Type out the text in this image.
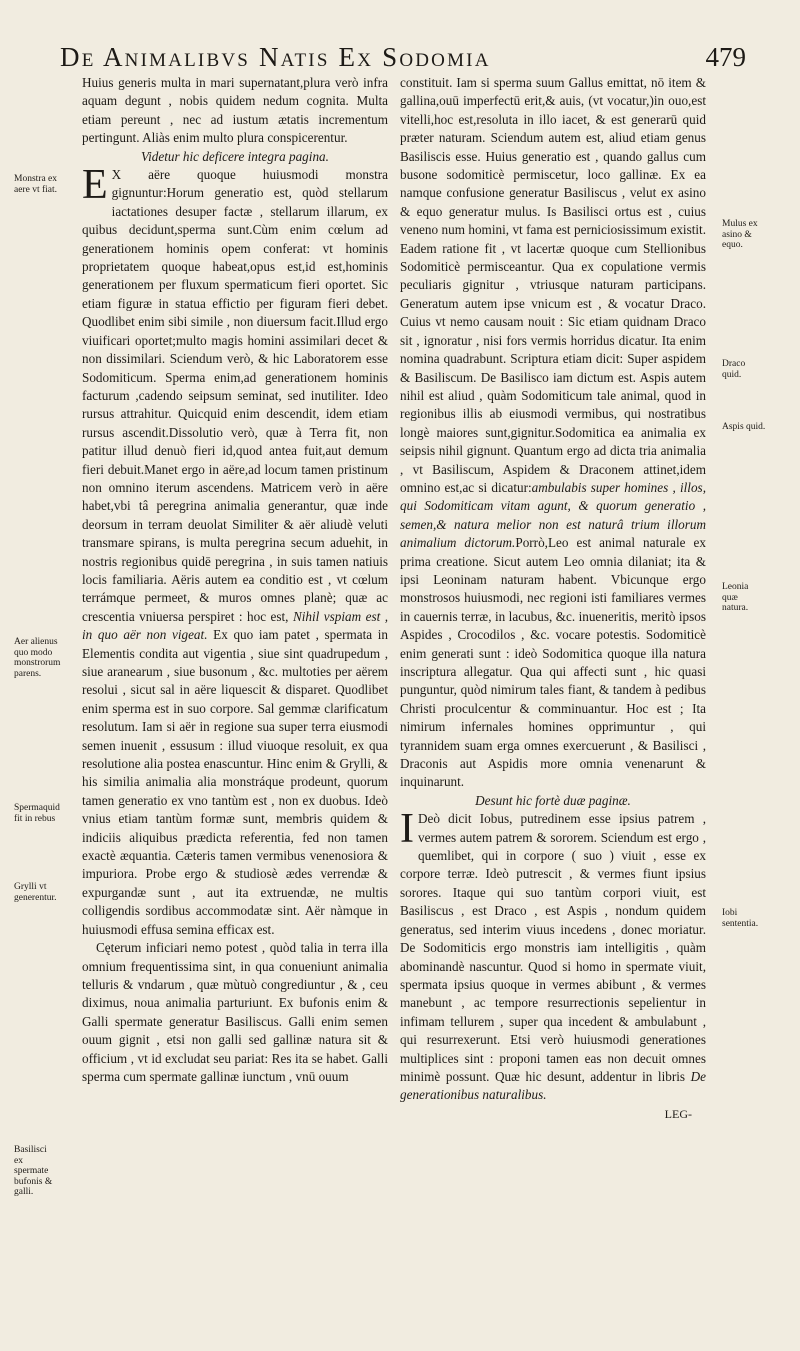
De Animalibvs Natis Ex Sodomia	479
Monstra ex aere vt fiat.
Aer alienus quo modo monstrorum parens.
Spermaquid fit in rebus
Grylli vt generentur.
Basilisci ex spermate bufonis & galli.
Mulus ex asino & equo.
Draco quid.
Aspis quid.
Leonia quæ natura.
Iobi sententia.

Huius generis multa in mari supernatant,plura verò infra aquam degunt , nobis quidem nedum cognita. Multa etiam pereunt , nec ad iustum ætatis incrementum pertingunt. Aliàs enim multo plura conspicerentur.

Videtur hic deficere integra pagina.

E X aëre quoque huiusmodi monstra gignuntur:Horum generatio est, quòd stellarum iactationes desuper factæ , stellarum illarum, ex quibus decidunt,sperma sunt.Cùm enim cœlum ad generationem hominis opem conferat: vt hominis proprietatem quoque habeat,opus est,id est,hominis generationem per fluxum spermaticum fieri oportet. Sic etiam figuræ in statua effictio per figuram fieri debet. Quodlibet enim sibi simile , non diuersum facit.Illud ergo viuificari oportet;multo magis homini assimilari decet & non dissimilari. Sciendum verò, & hic Laboratorem esse Sodomiticum. Sperma enim,ad generationem hominis facturum ,cadendo seipsum seminat, sed inutiliter. Ideo rursus attrahitur. Quicquid enim descendit, idem etiam rursus ascendit.Dissolutio verò, quæ à Terra fit, non patitur illud denuò fieri id,quod antea fuit,aut demum fieri debuit.Manet ergo in aëre,ad locum tamen pristinum non omnino iterum ascendens. Matricem verò in aëre habet,vbi tâ peregrina animalia generantur, quæ inde deorsum in terram deuolat Similiter & aër aliudè veluti transmare spirans, is multa peregrina secum aduehit, in nostris regionibus quidē peregrina , in suis tamen natiuis locis familiaria. Aëris autem ea conditio est , vt cœlum terrámque permeet, & muros omnes planè; quæ ac crescentia vniuersa perspiret : hoc est, Nihil vspiam est , in quo aër non vigeat. Ex quo iam patet , spermata in Elementis condita aut vigentia , siue sint quadrupedum , siue aranearum , siue busonum , &c. multoties per aërem resolui , sicut sal in aëre liquescit & disparet. Quodlibet enim sperma est in suo corpore. Sal gemmæ clarificatum resolutum. Iam si aër in regione sua super terra eiusmodi semen inuenit , essusum : illud viuoque resoluit, ex qua resolutione alia postea enascuntur. Hinc enim & Grylli, & his similia animalia alia monstráque prodeunt, quorum tamen generatio ex vno tantùm est , non ex duobus. Ideò vnius etiam tantùm formæ sunt, membris quidem & indiciis aliquibus prædicta referentia, fed non tamen exactè æquantia. Cæteris tamen vermibus venenosiora & impuriora. Probe ergo & studiosè ædes verrendæ & expurgandæ sunt , aut ita extruendæ, ne multis colligendis sordibus accommodatæ sint. Aër nàmque in huiusmodi effusa semina efficax est.

Cęterum inficiari nemo potest , quòd talia in terra illa omnium frequentissima sint, in qua conueniunt animalia telluris & vndarum , quæ mùtuò congrediuntur , & , ceu diximus, noua animalia parturiunt. Ex bufonis enim & Galli spermate generatur Basiliscus. Galli enim semen ouum gignit , etsi non galli sed gallinæ natura sit & officium , vt id excludat seu pariat: Res ita se habet. Galli sperma cum spermate gallinæ iunctum , vnū ouum

constituit. Iam si sperma suum Gallus emittat, nō item & gallina,ouū imperfectū erit,& auis, (vt vocatur,)in ouo,est vitelli,hoc est,resoluta in illo iacet, & est generarū quid præter naturam. Sciendum autem est, aliud etiam genus Basiliscis esse. Huius generatio est , quando gallus cum busone sodomiticè permiscetur, loco gallinæ. Ex ea namque confusione generatur Basiliscus , velut ex asino & equo generatur mulus. Is Basilisci ortus est , cuius veneno num homini, vt fama est perniciosissimum existit. Eadem ratione fit , vt lacertæ quoque cum Stellionibus Sodomiticè permisceantur. Qua ex copulatione vermis peculiaris gignitur , vtriusque naturam participans. Generatum autem ipse vnicum est , & vocatur Draco. Cuius vt nemo causam nouit : Sic etiam quidnam Draco sit , ignoratur , nisi fors vermis horridus dicatur. Ita enim nomina quadrabunt. Scriptura etiam dicit: Super aspidem & Basiliscum. De Basilisco iam dictum est. Aspis autem nihil est aliud , quàm Sodomiticum tale animal, quod in regionibus illis ab eiusmodi vermibus, qui nostratibus longè maiores sunt,gignitur.Sodomitica ea animalia ex seipsis nihil gignunt. Quantum ergo ad dicta tria animalia , vt Basiliscum, Aspidem & Draconem attinet,idem omnino est,ac si dicatur:ambulabis super homines , illos, qui Sodomiticam vitam agunt, & quorum generatio , semen,& natura melior non est naturâ trium illorum animalium dictorum.Porrò,Leo est animal naturale ex prima creatione. Sicut autem Leo omnia dilaniat; ita & ipsi Leoninam naturam habent. Vbicunque ergo monstrosos huiusmodi, nec regioni isti familiares vermes in cauernis terræ, in lacubus, &c. inueneritis, meritò ipsos Aspides , Crocodilos , &c. vocare potestis. Sodomiticè enim generati sunt : ideò Sodomitica quoque illa natura inscriptura allegatur. Qua qui affecti sunt , hic quasi punguntur, quòd nimirum tales fiant, & tandem à pedibus Christi proculcentur & comminuantur. Hoc est ; Ita nimirum infernales homines opprimuntur , qui tyrannidem suam erga omnes exercuerunt , & Basilisci , Draconis aut Aspidis more omnia venenarunt & inquinarunt.

Desunt hic fortè duæ paginæ.

I Deò dicit Iobus, putredinem esse ipsius patrem , vermes autem patrem & sororem. Sciendum est ergo , quemlibet, qui in corpore ( suo ) viuit , esse ex corpore terræ. Ideò putrescit , & vermes fiunt ipsius sorores. Itaque qui suo tantùm corpori viuit, est Basiliscus , est Draco , est Aspis , nondum quidem generatus, sed interim viuus incedens , donec moriatur. De Sodomiticis ergo monstris iam intelligitis , quàm abominandè nascuntur. Quod si homo in spermate viuit, spermata ipsius quoque in vermes abibunt , & vermes manebunt , ac tempore resurrectionis sepelientur in infimam tellurem , super qua incedent & ambulabunt , qui resurrexerunt. Etsi verò huiusmodi generationes multiplices sint : proponi tamen eas non decuit omnes minimè possunt. Quæ hic desunt, addentur in libris De generationibus naturalibus.

LEG-
